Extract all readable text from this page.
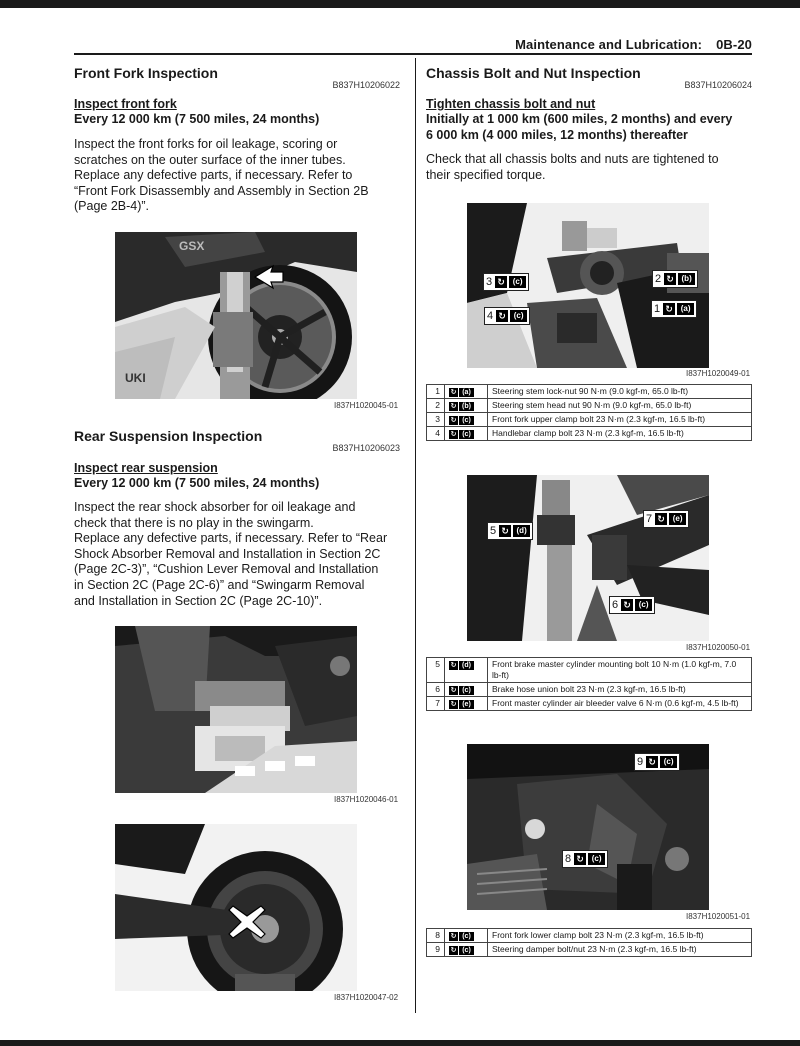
Maintenance and Lubrication: 0B-20
Front Fork Inspection
B837H10206022
Inspect front fork
Every 12 000 km (7 500 miles, 24 months)
Inspect the front forks for oil leakage, scoring or
scratches on the outer surface of the inner tubes.
Replace any defective parts, if necessary. Refer to
“Front Fork Disassembly and Assembly in Section 2B
(Page 2B-4)”.
GSX
UKI
I837H1020045-01
Rear Suspension Inspection
B837H10206023
Inspect rear suspension
Every 12 000 km (7 500 miles, 24 months)
Inspect the rear shock absorber for oil leakage and
check that there is no play in the swingarm.
Replace any defective parts, if necessary. Refer to “Rear
Shock Absorber Removal and Installation in Section 2C
(Page 2C-3)”, “Cushion Lever Removal and Installation
in Section 2C (Page 2C-6)” and “Swingarm Removal
and Installation in Section 2C (Page 2C-10)”.
I837H1020046-01
I837H1020047-02
Chassis Bolt and Nut Inspection
B837H10206024
Tighten chassis bolt and nut
Initially at 1 000 km (600 miles, 2 months) and every
6 000 km (4 000 miles, 12 months) thereafter
Check that all chassis bolts and nuts are tightened to
their specified torque.
3 ↻ (c)	2 ↻ (b)
1 ↻ (a)
4 ↻ (c)
I837H1020049-01
1	↻ (a)	Steering stem lock-nut 90 N·m (9.0 kgf-m, 65.0 lb-ft)
2	↻ (b)	Steering stem head nut 90 N·m (9.0 kgf-m, 65.0 lb-ft)
3	↻ (c)	Front fork upper clamp bolt 23 N·m (2.3 kgf-m, 16.5 lb-ft)
4	↻ (c)	Handlebar clamp bolt 23 N·m (2.3 kgf-m, 16.5 lb-ft)
5 ↻ (d)
7 ↻ (e)
6 ↻ (c)
I837H1020050-01
5	↻ (d)	Front brake master cylinder mounting bolt 10 N·m (1.0 kgf-m, 7.0 lb-ft)
6	↻ (c)	Brake hose union bolt 23 N·m (2.3 kgf-m, 16.5 lb-ft)
7	↻ (e)	Front master cylinder air bleeder valve 6 N·m (0.6 kgf-m, 4.5 lb-ft)
9 ↻ (c)
8 ↻ (c)
I837H1020051-01
8	↻ (c)	Front fork lower clamp bolt 23 N·m (2.3 kgf-m, 16.5 lb-ft)
9	↻ (c)	Steering damper bolt/nut 23 N·m (2.3 kgf-m, 16.5 lb-ft)
